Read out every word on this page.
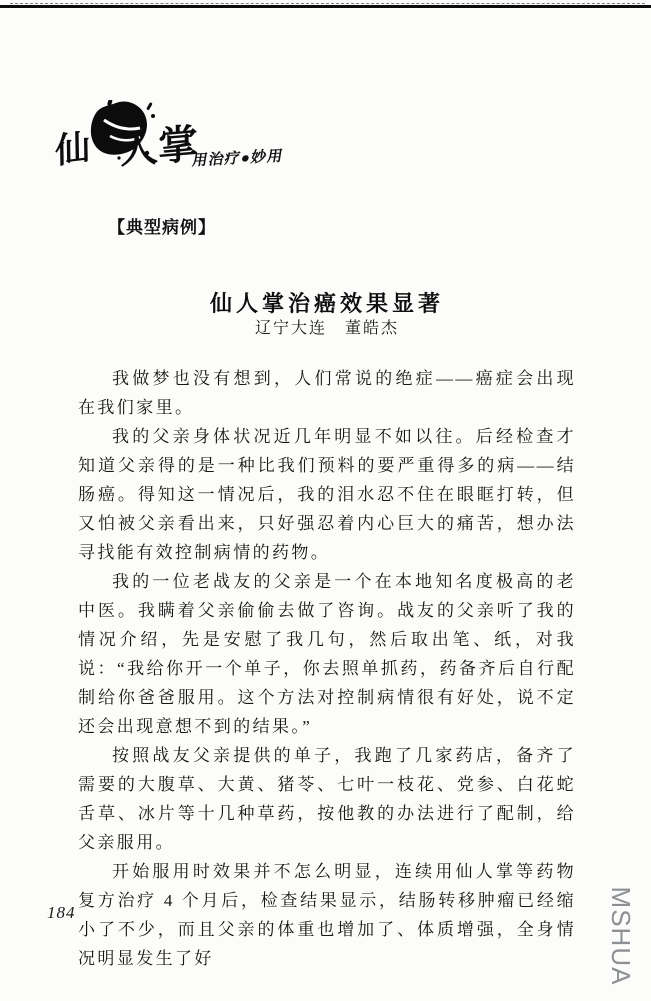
仙 人
掌
用治疗●妙用
【典型病例】
仙人掌治癌效果显著
辽宁大连　董皓杰

我做梦也没有想到，人们常说的绝症——癌症会出现在我们家里。

我的父亲身体状况近几年明显不如以往。后经检查才知道父亲得的是一种比我们预料的要严重得多的病——结肠癌。得知这一情况后，我的泪水忍不住在眼眶打转，但又怕被父亲看出来，只好强忍着内心巨大的痛苦，想办法寻找能有效控制病情的药物。

我的一位老战友的父亲是一个在本地知名度极高的老中医。我瞒着父亲偷偷去做了咨询。战友的父亲听了我的情况介绍，先是安慰了我几句，然后取出笔、纸，对我说：“我给你开一个单子，你去照单抓药，药备齐后自行配制给你爸爸服用。这个方法对控制病情很有好处，说不定还会出现意想不到的结果。”

按照战友父亲提供的单子，我跑了几家药店，备齐了需要的大腹草、大黄、猪苓、七叶一枝花、党参、白花蛇舌草、冰片等十几种草药，按他教的办法进行了配制，给父亲服用。

开始服用时效果并不怎么明显，连续用仙人掌等药物复方治疗 4 个月后，检查结果显示，结肠转移肿瘤已经缩小了不少，而且父亲的体重也增加了、体质增强，全身情况明显发生了好

184	MSHUA
